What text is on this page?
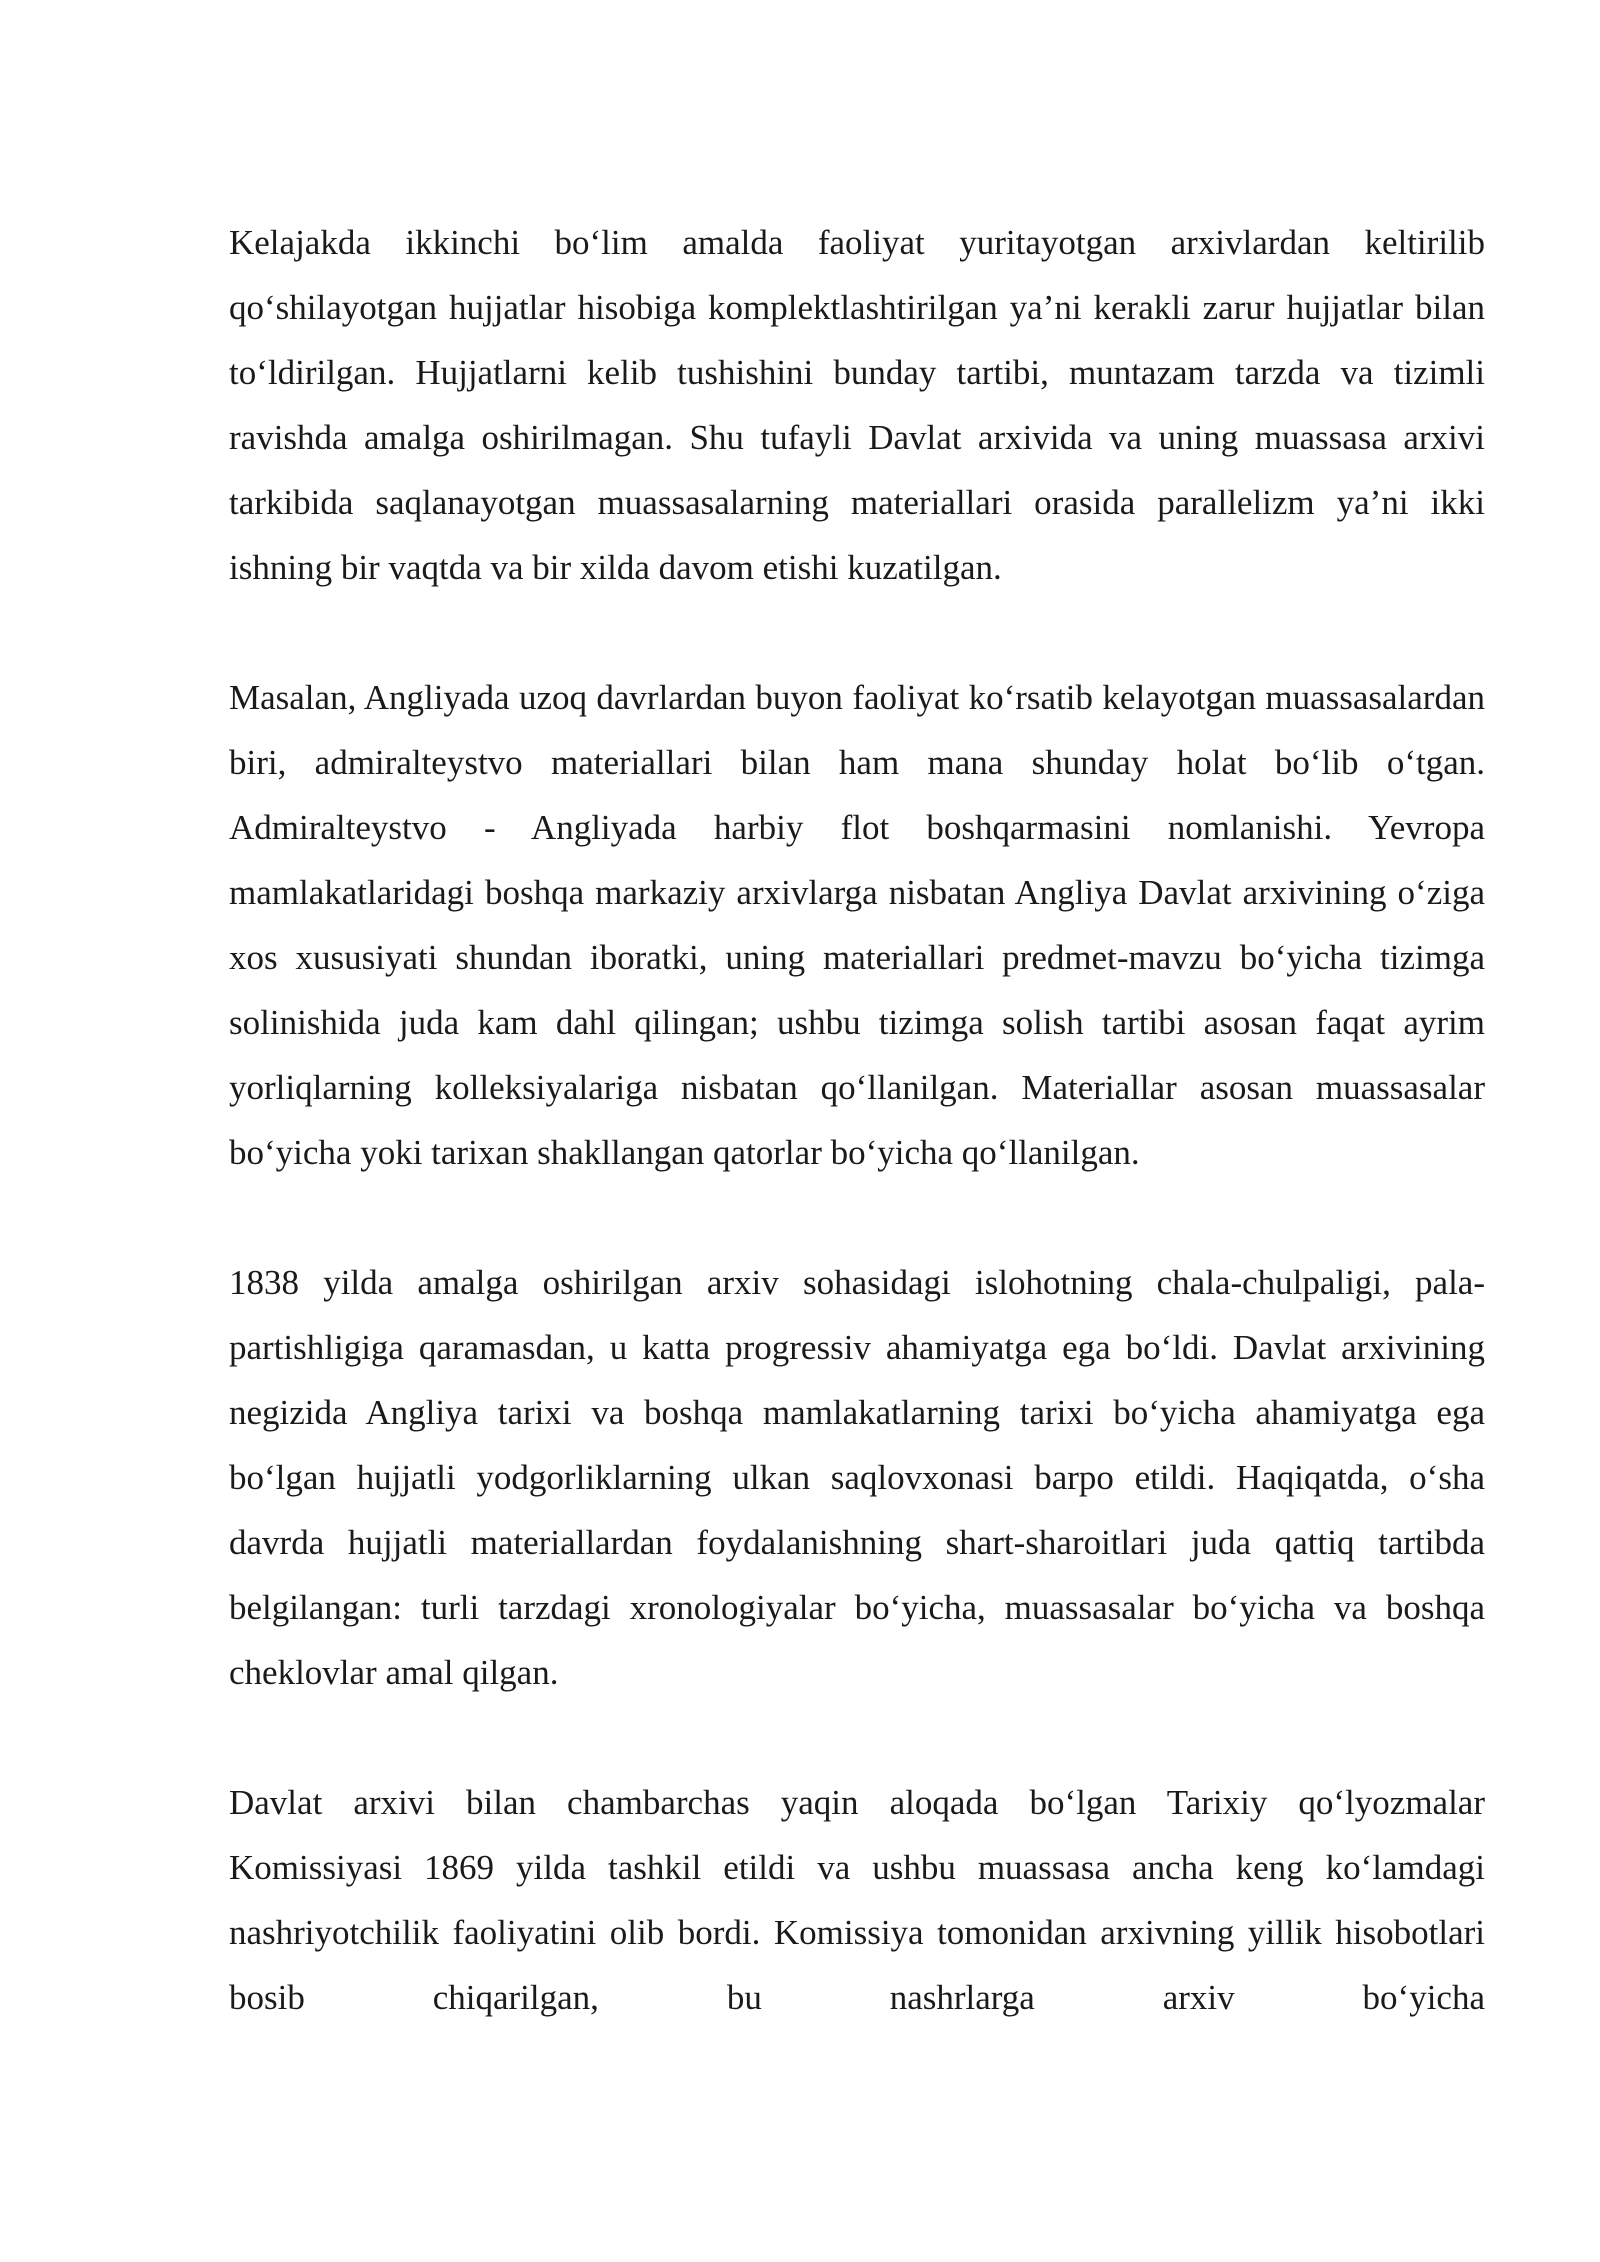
Kelajakda ikkinchi bo‘lim amalda faoliyat yuritayotgan arxivlardan keltirilib qo‘shilayotgan hujjatlar hisobiga komplektlashtirilgan ya’ni kerakli zarur hujjatlar bilan to‘ldirilgan. Hujjatlarni kelib tushishini bunday tartibi, muntazam tarzda va tizimli ravishda amalga oshirilmagan. Shu tufayli Davlat arxivida va uning muassasa arxivi tarkibida saqlanayotgan muassasalarning materiallari orasida parallelizm ya’ni ikki ishning bir vaqtda va bir xilda davom etishi kuzatilgan.

Masalan, Angliyada uzoq davrlardan buyon faoliyat ko‘rsatib kelayotgan muassasalardan biri, admiralteystvo materiallari bilan ham mana shunday holat bo‘lib o‘tgan. Admiralteystvo - Angliyada harbiy flot boshqarmasini nomlanishi. Yevropa mamlakatlaridagi boshqa markaziy arxivlarga nisbatan Angliya Davlat arxivining o‘ziga xos xususiyati shundan iboratki, uning materiallari predmet-mavzu bo‘yicha tizimga solinishida juda kam dahl qilingan; ushbu tizimga solish tartibi asosan faqat ayrim yorliqlarning kolleksiyalariga nisbatan qo‘llanilgan. Materiallar asosan muassasalar bo‘yicha yoki tarixan shakllangan qatorlar bo‘yicha qo‘llanilgan.

1838 yilda amalga oshirilgan arxiv sohasidagi islohotning chala-chulpaligi, pala-partishligiga qaramasdan, u katta progressiv ahamiyatga ega bo‘ldi. Davlat arxivining negizida Angliya tarixi va boshqa mamlakatlarning tarixi bo‘yicha ahamiyatga ega bo‘lgan hujjatli yodgorliklarning ulkan saqlovxonasi barpo etildi. Haqiqatda, o‘sha davrda hujjatli materiallardan foydalanishning shart-sharoitlari juda qattiq tartibda belgilangan: turli tarzdagi xronologiyalar bo‘yicha, muassasalar bo‘yicha va boshqa cheklovlar amal qilgan.

Davlat arxivi bilan chambarchas yaqin aloqada bo‘lgan Tarixiy qo‘lyozmalar Komissiyasi 1869 yilda tashkil etildi va ushbu muassasa ancha keng ko‘lamdagi nashriyotchilik faoliyatini olib bordi. Komissiya tomonidan arxivning yillik hisobotlari bosib chiqarilgan, bu nashrlarga arxiv bo‘yicha
